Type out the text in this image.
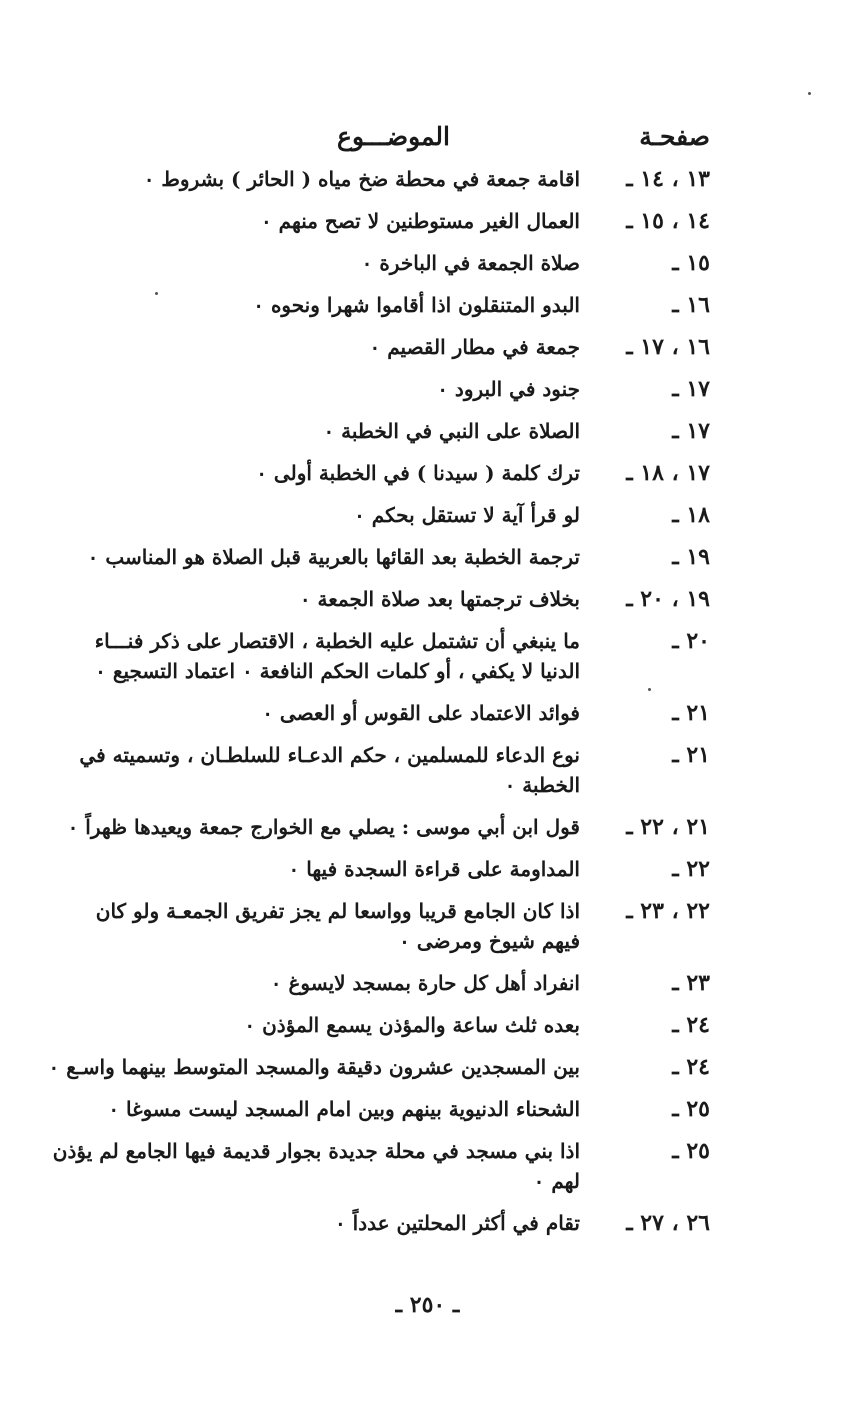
صفحـة
الموضـــوع
١٣ ، ١٤ ـ
اقامة جمعة في محطة ضخ مياه ( الحائر ) بشروط ٠
١٤ ، ١٥ ـ
العمال الغير مستوطنين لا تصح منهم ٠
١٥ ـ
صلاة الجمعة في الباخرة ٠
١٦ ـ
البدو المتنقلون اذا أقاموا شهرا ونحوه ٠
١٦ ، ١٧ ـ
جمعة في مطار القصيم ٠
١٧ ـ
جنود في البرود ٠
١٧ ـ
الصلاة على النبي في الخطبة ٠
١٧ ، ١٨ ـ
ترك كلمة ( سيدنا ) في الخطبة أولى ٠
١٨ ـ
لو قرأ آية لا تستقل بحكم ٠
١٩ ـ
ترجمة الخطبة بعد القائها بالعربية قبل الصلاة هو المناسب ٠
١٩ ، ٢٠ ـ
بخلاف ترجمتها بعد صلاة الجمعة ٠
٢٠ ـ
ما ينبغي أن تشتمل عليه الخطبة ، الاقتصار على ذكر فنـــاء
الدنيا لا يكفي ، أو كلمات الحكم النافعة ٠ اعتماد التسجيع ٠
٢١ ـ
فوائد الاعتماد على القوس أو العصى ٠
٢١ ـ
نوع الدعاء للمسلمين ، حكم الدعـاء للسلطـان ، وتسميته في
الخطبة ٠
٢١ ، ٢٢ ـ
قول ابن أبي موسى : يصلي مع الخوارج جمعة ويعيدها ظهراً ٠
٢٢ ـ
المداومة على قراءة السجدة فيها ٠
٢٢ ، ٢٣ ـ
اذا كان الجامع قريبا وواسعا لم يجز تفريق الجمعـة ولو كان
فيهم شيوخ ومرضى ٠
٢٣ ـ
انفراد أهل كل حارة بمسجد لايسوغ ٠
٢٤ ـ
بعده ثلث ساعة والمؤذن يسمع المؤذن ٠
٢٤ ـ
بين المسجدين عشرون دقيقة والمسجد المتوسط بينهما واسـع ٠
٢٥ ـ
الشحناء الدنيوية بينهم وبين امام المسجد ليست مسوغا ٠
٢٥ ـ
اذا بني مسجد في محلة جديدة بجوار قديمة فيها الجامع لم يؤذن
لهم ٠
٢٦ ، ٢٧ ـ
تقام في أكثر المحلتين عدداً ٠
ـ ٢٥٠ ـ
